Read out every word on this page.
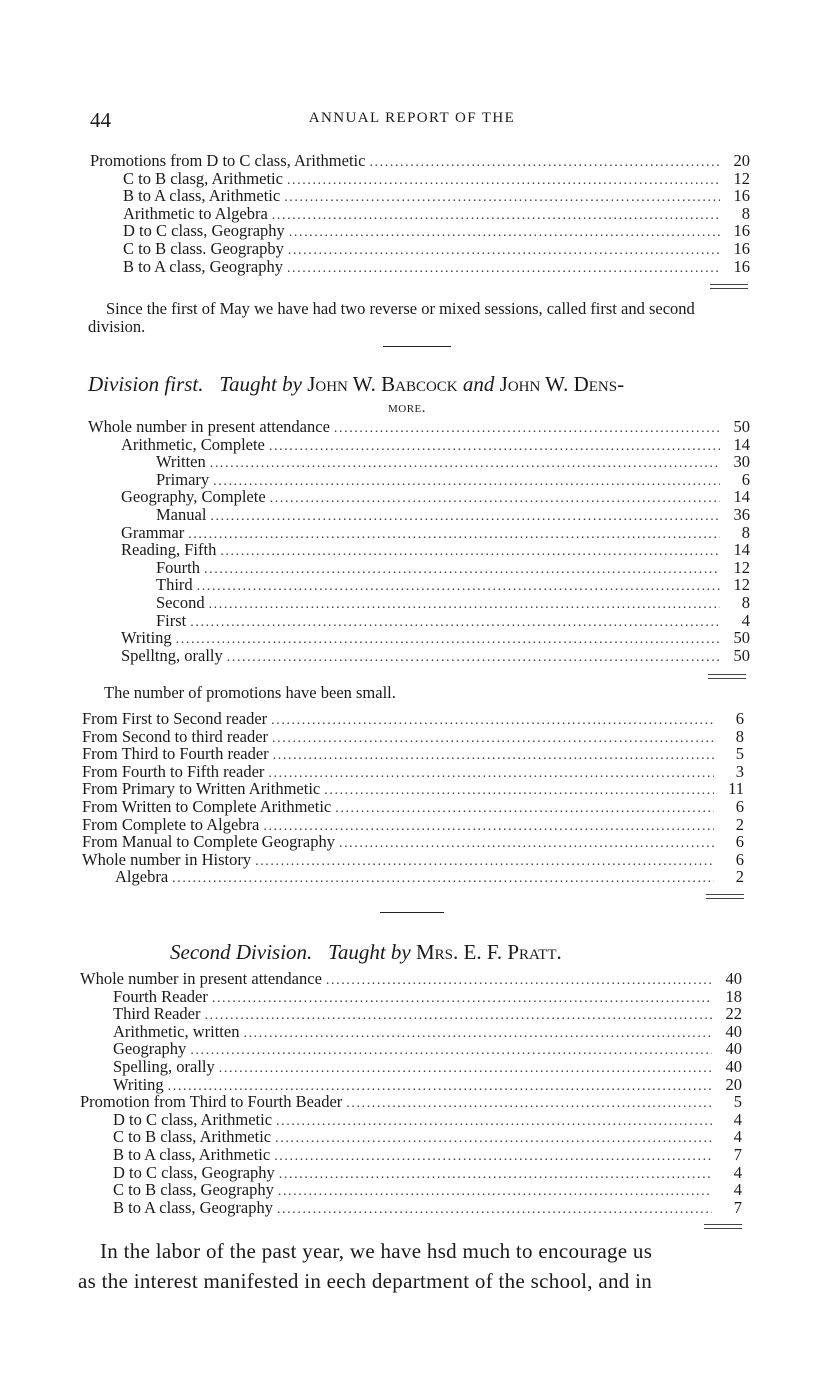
44	ANNUAL REPORT OF THE
Promotions from D to C class, Arithmetic .....	20
C to B clasg, Arithmetic .....	12
B to A class, Arithmetic .....	16
Arithmetic to Algebra .....	8
D to C class, Geography .....	16
C to B class. Geograpby .....	16
B to A class, Geography .....	16
Since the first of May we have had two reverse or mixed sessions, called first and second division.
Division first. Taught by John W. Babcock and John W. Dens-
more.
Whole number in present attendance .....	50
Arithmetic, Complete .....	14
Written .....	30
Primary .....	6
Geography, Complete .....	14
Manual .....	36
Grammar .....	8
Reading, Fifth .....	14
Fourth .....	12
Third .....	12
Second .....	8
First .....	4
Writing .....	50
Spelltng, orally .....	50
The number of promotions have been small.
From First to Second reader .....	6
From Second to third reader .....	8
From Third to Fourth reader .....	5
From Fourth to Fifth reader .....	3
From Primary to Written Arithmetic .....	11
From Written to Complete Arithmetic .....	6
From Complete to Algebra .....	2
From Manual to Complete Geography .....	6
Whole number in History .....	6
Algebra .....	2
Second Division. Taught by Mrs. E. F. Pratt.
Whole number in present attendance .....	40
Fourth Reader .....	18
Third Reader .....	22
Arithmetic, written .....	40
Geography .....	40
Spelling, orally .....	40
Writing .....	20
Promotion from Third to Fourth Beader .....	5
D to C class, Arithmetic .....	4
C to B class, Arithmetic .....	4
B to A class, Arithmetic .....	7
D to C class, Geography .....	4
C to B class, Geography .....	4
B to A class, Geography .....	7
In the labor of the past year, we have hsd much to encourage us
as the interest manifested in eech department of the school, and in
